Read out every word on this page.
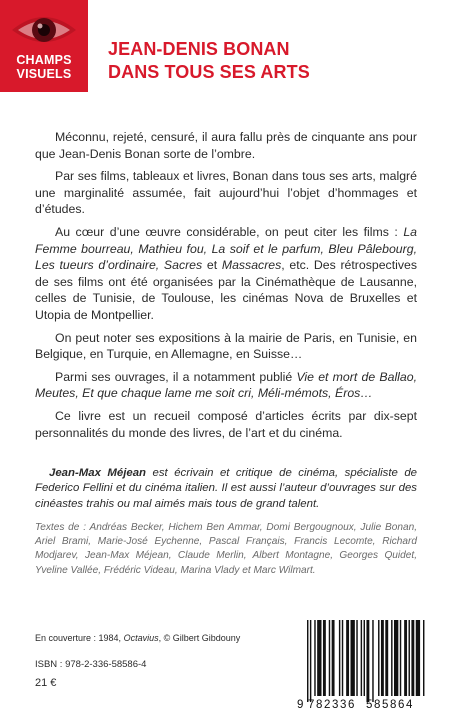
CHAMPS
VISUELS
JEAN-DENIS BONAN
DANS TOUS SES ARTS

Méconnu, rejeté, censuré, il aura fallu près de cinquante ans pour que Jean-Denis Bonan sorte de l’ombre.

Par ses films, tableaux et livres, Bonan dans tous ses arts, malgré une marginalité assumée, fait aujourd’hui l’objet d’hommages et d’études.

Au cœur d’une œuvre considérable, on peut citer les films : La Femme bourreau, Mathieu fou, La soif et le parfum, Bleu Pâlebourg, Les tueurs d’ordinaire, Sacres et Massacres, etc. Des rétrospectives de ses films ont été organisées par la Cinémathèque de Lausanne, celles de Tunisie, de Toulouse, les cinémas Nova de Bruxelles et Utopia de Montpellier.

On peut noter ses expositions à la mairie de Paris, en Tunisie, en Belgique, en Turquie, en Allemagne, en Suisse…

Parmi ses ouvrages, il a notamment publié Vie et mort de Ballao, Meutes, Et que chaque lame me soit cri, Méli-mémots, Éros…

Ce livre est un recueil composé d’articles écrits par dix-sept personnalités du monde des livres, de l’art et du cinéma.

Jean-Max Méjean est écrivain et critique de cinéma, spécialiste de Federico Fellini et du cinéma italien. Il est aussi l’auteur d’ouvrages sur des cinéastes trahis ou mal aimés mais tous de grand talent.
Textes de : Andréas Becker, Hichem Ben Ammar, Domi Bergougnoux, Julie Bonan, Ariel Brami, Marie-José Eychenne, Pascal Français, Francis Lecomte, Richard Modjarev, Jean-Max Méjean, Claude Merlin, Albert Montagne, Georges Quidet, Yveline Vallée, Frédéric Videau, Marina Vlady et Marc Wilmart.
En couverture : 1984, Octavius, © Gilbert Gibdouny
ISBN : 978-2-336-58586-4
21 €
9 782336 585864
